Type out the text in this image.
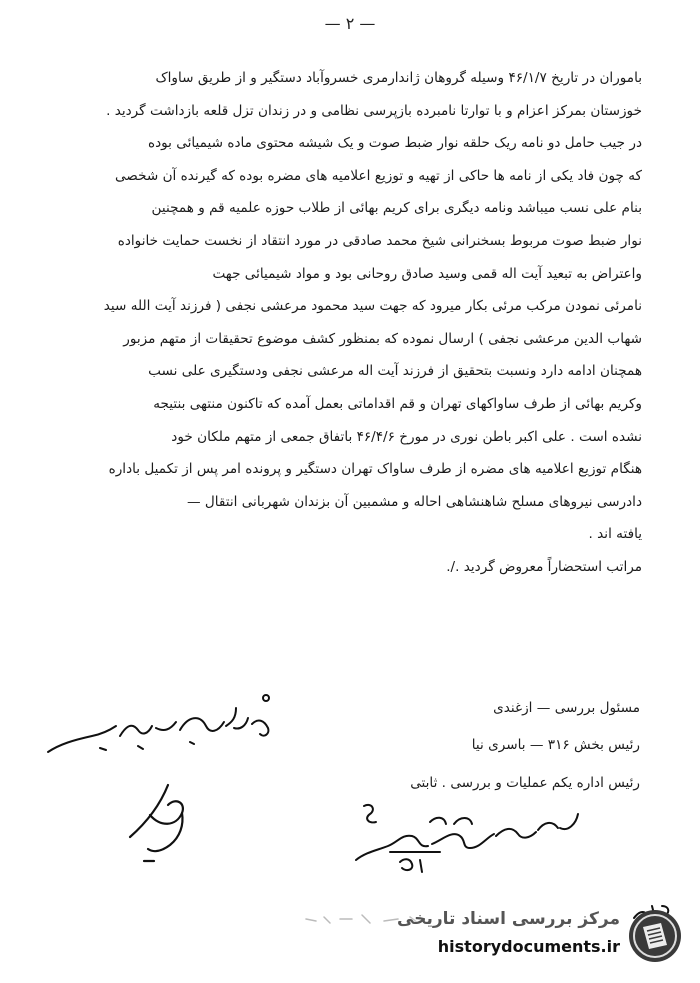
— ۲ —

باموران در تاریخ ۴۶/۱/۷ وسیله گروهان ژاندارمری خسروآباد دستگیر و از طریق ساواک

خوزستان بمرکز اعزام و با توارتا نامبرده بازپرسی نظامی و در زندان تزل قلعه بازداشت گردید .

در جیب حامل دو نامه ریک حلقه نوار ضبط صوت و یک شیشه محتوی ماده شیمیائی بوده

که چون فاد یکی از نامه ها حاکی از تهیه و توزیع اعلامیه های مضره بوده که گیرنده آن شخصی

بنام علی نسب میباشد ونامه دیگری برای کریم بهائی از طلاب حوزه علمیه قم و همچنین

نوار ضبط صوت مربوط بسخنرانی شیخ محمد صادقی در مورد انتقاد از نخست حمایت خانواده

واعتراض به تبعید آیت اله قمی وسید صادق روحانی بود و مواد شیمیائی جهت

نامرئی نمودن مرکب مرئی بکار میرود که جهت سید محمود مرعشی نجفی ( فرزند آیت الله سید

شهاب الدین مرعشی نجفی ) ارسال نموده که بمنظور کشف موضوع تحقیقات از متهم مزبور

همچنان ادامه دارد ونسبت بتحقیق از فرزند آیت اله مرعشی نجفی ودستگیری علی نسب

وکریم بهائی از طرف ساواکهای تهران و قم اقداماتی بعمل آمده که تاکنون منتهی بنتیجه

نشده است . علی اکبر باطن نوری در مورخ ۴۶/۴/۶ باتفاق جمعی از متهم ملکان خود

هنگام توزیع اعلامیه های مضره از طرف ساواک تهران دستگیر و پرونده امر پس از تکمیل باداره

دادرسی نیروهای مسلح شاهنشاهی احاله و مشمبین آن بزندان شهربانی انتقال —

یافته اند .

مراتب استحضاراً معروض گردید ./.

مسئول بررسی — ازغندی
رئیس بخش ۳۱۶ — باسری نیا
رئیس اداره یکم عملیات و بررسی . ثابتی
مرکز بررسی اسناد تاریخی
historydocuments.ir
